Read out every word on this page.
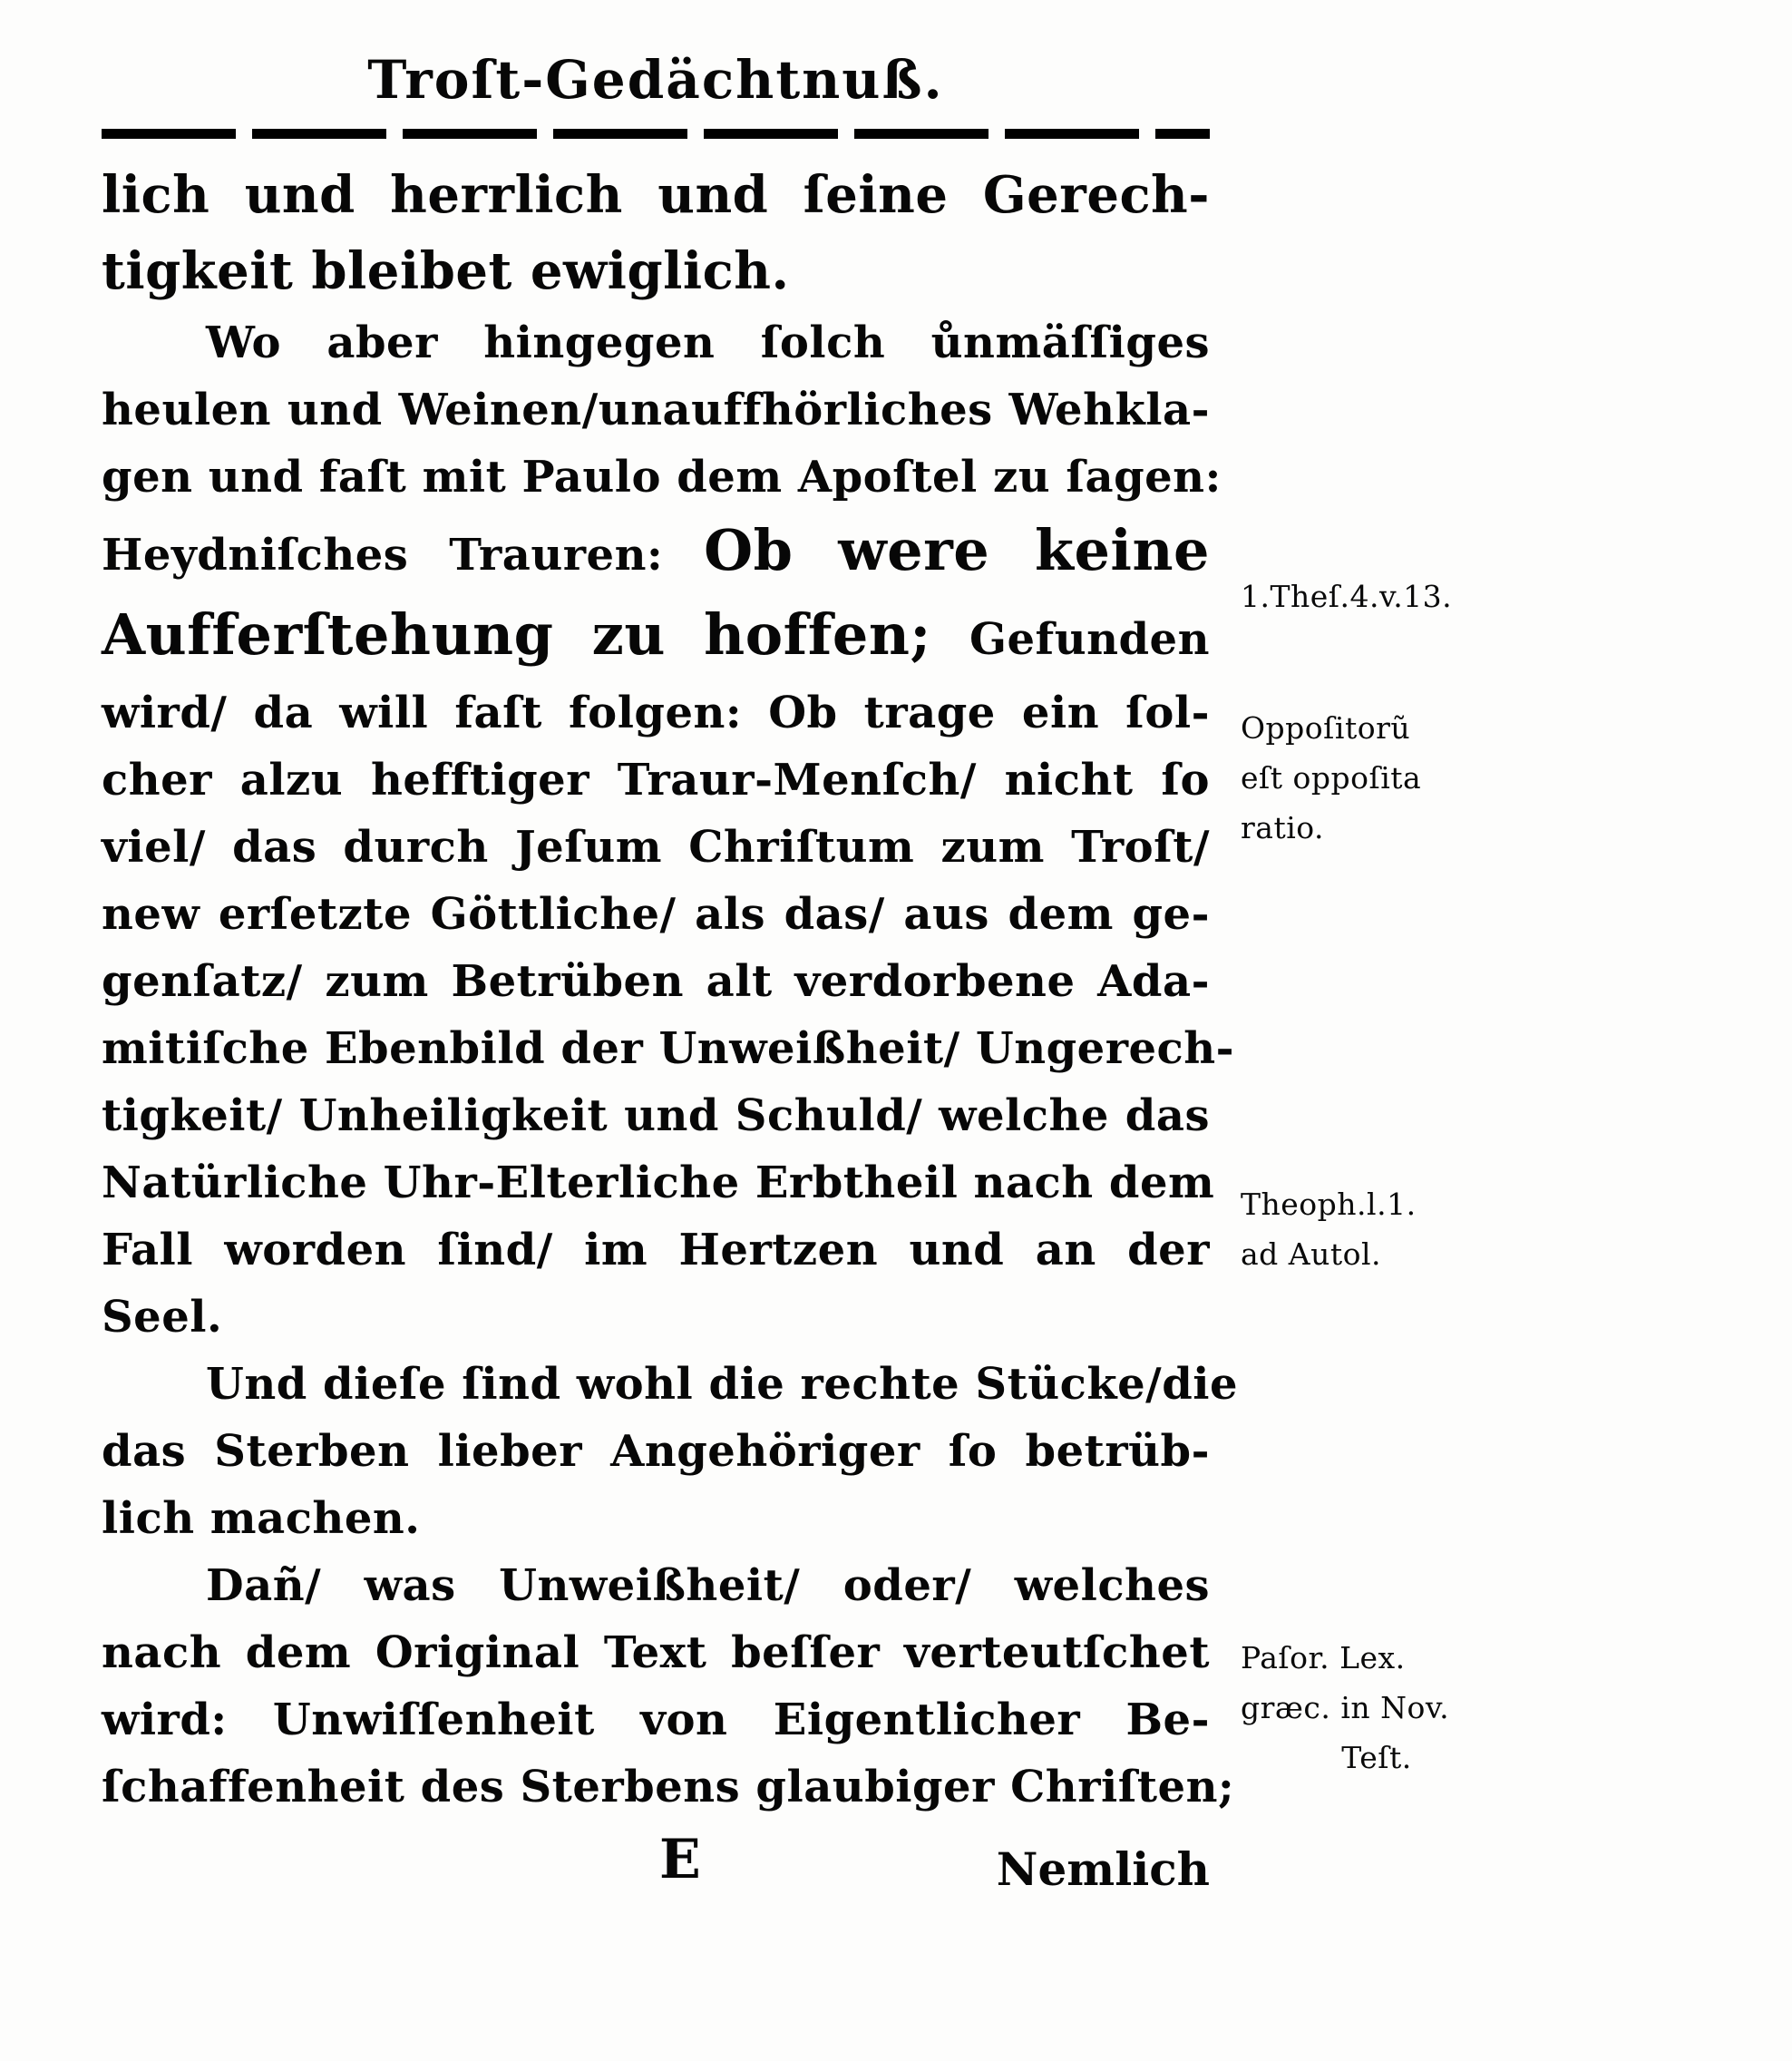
Troſt-Gedächtnuß.
lich und herrlich und ſeine Gerech-
tigkeit bleibet ewiglich.
Wo aber hingegen ſolch ůnmäſſiges
heulen und Weinen/unauffhörliches Wehkla-
gen und faſt mit Paulo dem Apoſtel zu ſagen:
Heydniſches Trauren: Ob were keine
Aufferſtehung zu hoffen; Gefunden
wird/ da will faſt folgen: Ob trage ein ſol-
cher alzu hefftiger Traur-Menſch/ nicht ſo
viel/ das durch Jeſum Chriſtum zum Troſt/
new erſetzte Göttliche/ als das/ aus dem ge-
genſatz/ zum Betrüben alt verdorbene Ada-
mitiſche Ebenbild der Unweißheit/ Ungerech-
tigkeit/ Unheiligkeit und Schuld/ welche das
Natürliche Uhr-Elterliche Erbtheil nach dem
Fall worden ſind/ im Hertzen und an der
Seel.
Und dieſe ſind wohl die rechte Stücke/die
das Sterben lieber Angehöriger ſo betrüb-
lich machen.
Dañ/ was Unweißheit/ oder/ welches
nach dem Original Text beſſer verteutſchet
wird: Unwiſſenheit von Eigentlicher Be-
ſchaffenheit des Sterbens glaubiger Chriſten;
E	Nemlich
1.Theſ.4.v.13.
Oppoſitorũ
eſt oppoſita
ratio.
Theoph.l.1.
ad Autol.
Paſor. Lex.
græc. in Nov.
Teſt.
